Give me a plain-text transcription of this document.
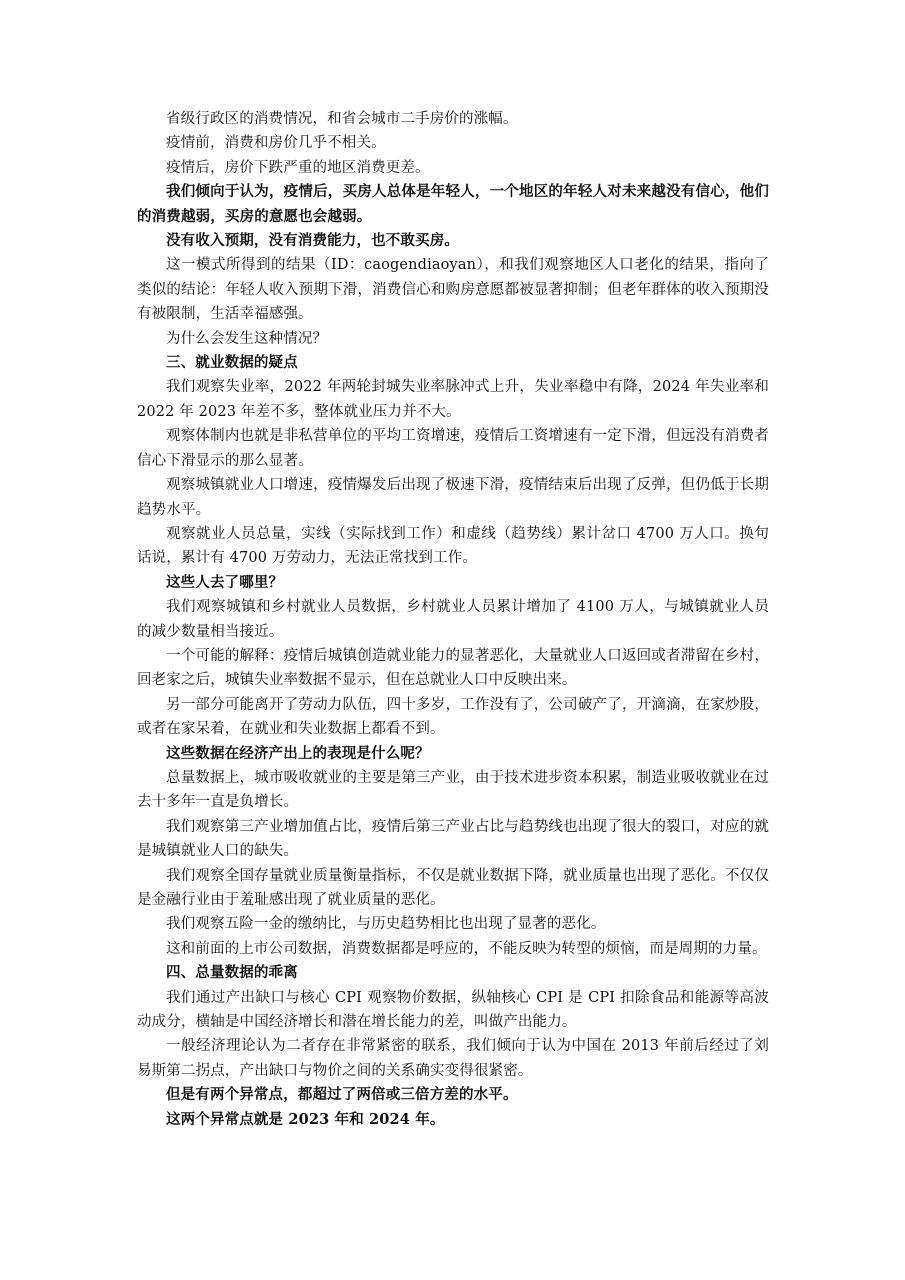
省级行政区的消费情况，和省会城市二手房价的涨幅。

疫情前，消费和房价几乎不相关。

疫情后，房价下跌严重的地区消费更差。

我们倾向于认为，疫情后，买房人总体是年轻人，一个地区的年轻人对未来越没有信心，他们的消费越弱，买房的意愿也会越弱。

没有收入预期，没有消费能力，也不敢买房。

这一模式所得到的结果（ID：caogendiaoyan），和我们观察地区人口老化的结果，指向了类似的结论：年轻人收入预期下滑，消费信心和购房意愿都被显著抑制；但老年群体的收入预期没有被限制，生活幸福感强。

为什么会发生这种情况？

三、就业数据的疑点

我们观察失业率，2022 年两轮封城失业率脉冲式上升，失业率稳中有降，2024 年失业率和 2022 年 2023 年差不多，整体就业压力并不大。

观察体制内也就是非私营单位的平均工资增速，疫情后工资增速有一定下滑，但远没有消费者信心下滑显示的那么显著。

观察城镇就业人口增速，疫情爆发后出现了极速下滑，疫情结束后出现了反弹，但仍低于长期趋势水平。

观察就业人员总量，实线（实际找到工作）和虚线（趋势线）累计岔口 4700 万人口。换句话说，累计有 4700 万劳动力，无法正常找到工作。

这些人去了哪里？

我们观察城镇和乡村就业人员数据，乡村就业人员累计增加了 4100 万人，与城镇就业人员的减少数量相当接近。

一个可能的解释：疫情后城镇创造就业能力的显著恶化，大量就业人口返回或者滞留在乡村，回老家之后，城镇失业率数据不显示，但在总就业人口中反映出来。

另一部分可能离开了劳动力队伍，四十多岁，工作没有了，公司破产了，开滴滴，在家炒股，或者在家呆着，在就业和失业数据上都看不到。

这些数据在经济产出上的表现是什么呢？

总量数据上，城市吸收就业的主要是第三产业，由于技术进步资本积累，制造业吸收就业在过去十多年一直是负增长。

我们观察第三产业增加值占比，疫情后第三产业占比与趋势线也出现了很大的裂口，对应的就是城镇就业人口的缺失。

我们观察全国存量就业质量衡量指标，不仅是就业数据下降，就业质量也出现了恶化。不仅仅是金融行业由于羞耻感出现了就业质量的恶化。

我们观察五险一金的缴纳比，与历史趋势相比也出现了显著的恶化。

这和前面的上市公司数据，消费数据都是呼应的，不能反映为转型的烦恼，而是周期的力量。

四、总量数据的乖离

我们通过产出缺口与核心 CPI 观察物价数据，纵轴核心 CPI 是 CPI 扣除食品和能源等高波动成分，横轴是中国经济增长和潜在增长能力的差，叫做产出能力。

一般经济理论认为二者存在非常紧密的联系，我们倾向于认为中国在 2013 年前后经过了刘易斯第二拐点，产出缺口与物价之间的关系确实变得很紧密。

但是有两个异常点，都超过了两倍或三倍方差的水平。

这两个异常点就是 2023 年和 2024 年。
